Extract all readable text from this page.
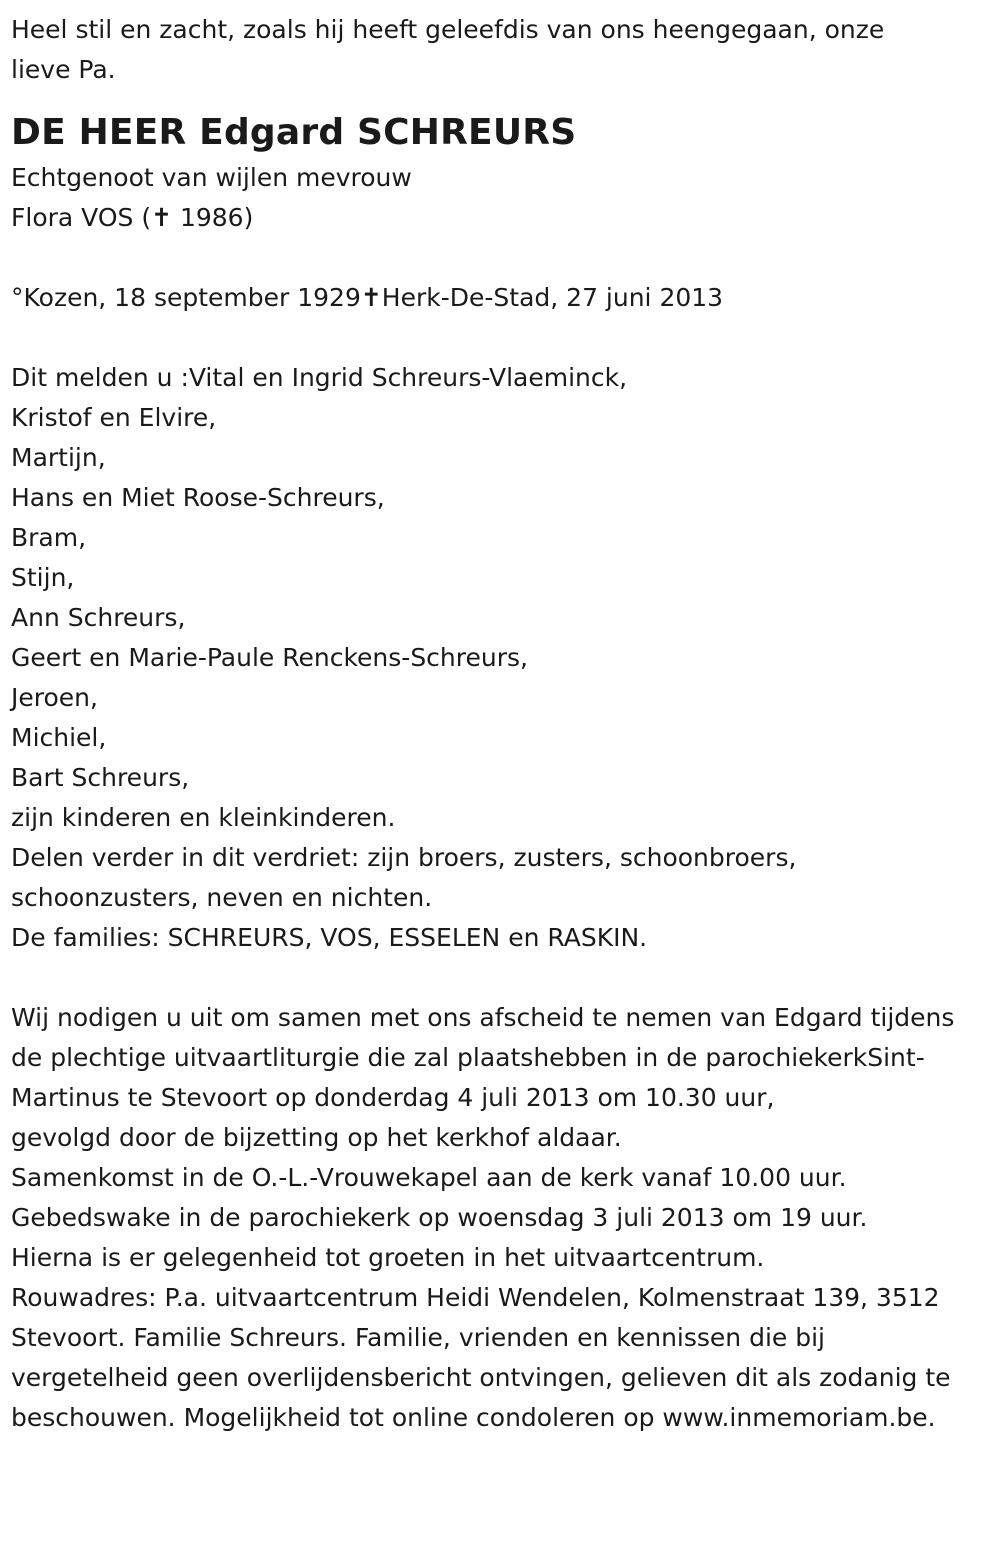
Heel stil en zacht, zoals hij heeft geleefdis van ons heengegaan, onze lieve Pa.

DE HEER Edgard SCHREURS

Echtgenoot van wijlen mevrouw

Flora VOS (✝ 1986)

°Kozen, 18 september 1929✝Herk-De-Stad, 27 juni 2013

Dit melden u :Vital en Ingrid Schreurs-Vlaeminck,

Kristof en Elvire,

Martijn,

Hans en Miet Roose-Schreurs,

Bram,

Stijn,

Ann Schreurs,

Geert en Marie-Paule Renckens-Schreurs,

Jeroen,

Michiel,

Bart Schreurs,

zijn kinderen en kleinkinderen.

Delen verder in dit verdriet: zijn broers, zusters, schoonbroers, schoonzusters, neven en nichten.

De families: SCHREURS, VOS, ESSELEN en RASKIN.

Wij nodigen u uit om samen met ons afscheid te nemen van Edgard tijdens de plechtige uitvaartliturgie die zal plaatshebben in de parochiekerkSint-Martinus te Stevoort op donderdag 4 juli 2013 om 10.30 uur,

gevolgd door de bijzetting op het kerkhof aldaar.

Samenkomst in de O.-L.-Vrouwekapel aan de kerk vanaf 10.00 uur.

Gebedswake in de parochiekerk op woensdag 3 juli 2013 om 19 uur.

Hierna is er gelegenheid tot groeten in het uitvaartcentrum.

Rouwadres: P.a. uitvaartcentrum Heidi Wendelen, Kolmenstraat 139, 3512 Stevoort. Familie Schreurs. Familie, vrienden en kennissen die bij vergetelheid geen overlijdensbericht ontvingen, gelieven dit als zodanig te beschouwen. Mogelijkheid tot online condoleren op www.inmemoriam.be.
